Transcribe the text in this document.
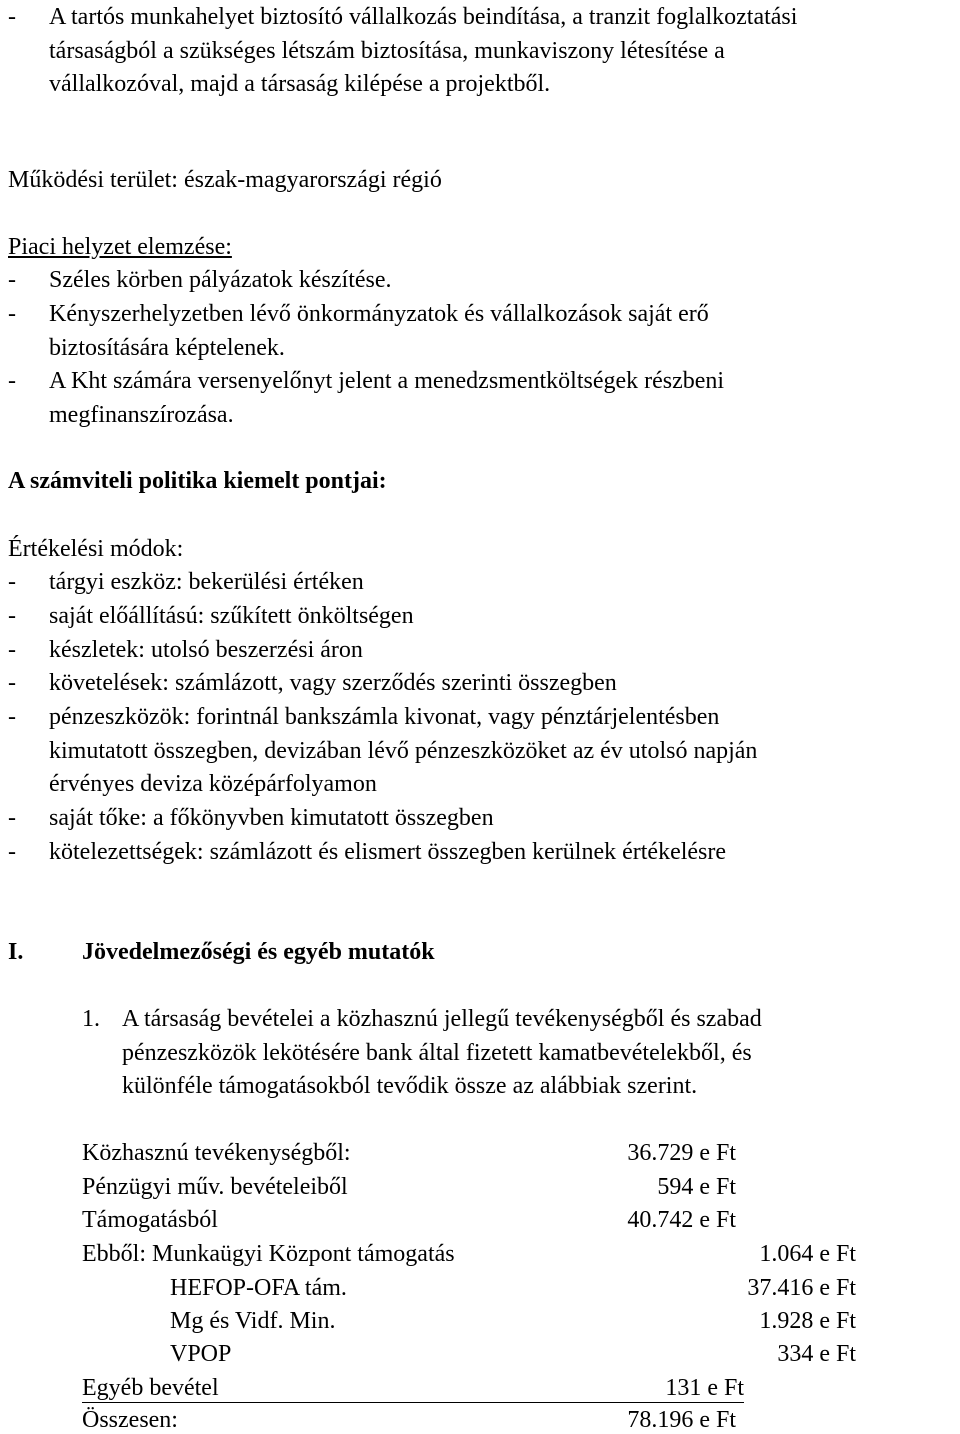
- A tartós munkahelyet biztosító vállalkozás beindítása, a tranzit foglalkoztatási
társaságból a szükséges létszám biztosítása, munkaviszony létesítése a
vállalkozóval, majd a társaság kilépése a projektből.
Működési terület: észak-magyarországi régió
Piaci helyzet elemzése:
- Széles körben pályázatok készítése.
- Kényszerhelyzetben lévő önkormányzatok és vállalkozások saját erő
biztosítására képtelenek.
- A Kht számára versenyelőnyt jelent a menedzsmentköltségek részbeni
megfinanszírozása.
A számviteli politika kiemelt pontjai:
Értékelési módok:
- tárgyi eszköz: bekerülési értéken
- saját előállítású: szűkített önköltségen
- készletek: utolsó beszerzési áron
- követelések: számlázott, vagy szerződés szerinti összegben
- pénzeszközök: forintnál bankszámla kivonat, vagy pénztárjelentésben
kimutatott összegben, devizában lévő pénzeszközöket az év utolsó napján
érvényes deviza középárfolyamon
- saját tőke: a főkönyvben kimutatott összegben
- kötelezettségek: számlázott és elismert összegben kerülnek értékelésre
I. Jövedelmezőségi és egyéb mutatók
1. A társaság bevételei a közhasznú jellegű tevékenységből és szabad
pénzeszközök lekötésére bank által fizetett kamatbevételekből, és
különféle támogatásokból tevődik össze az alábbiak szerint.
Közhasznú tevékenységből:	36.729 e Ft
Pénzügyi műv. bevételeiből	594 e Ft
Támogatásból	40.742 e Ft
Ebből: Munkaügyi Központ támogatás	1.064 e Ft
HEFOP-OFA tám.	37.416 e Ft
Mg és Vidf. Min.	1.928 e Ft
VPOP	334 e Ft
Egyéb bevétel	131 e Ft
Összesen:	78.196 e Ft
